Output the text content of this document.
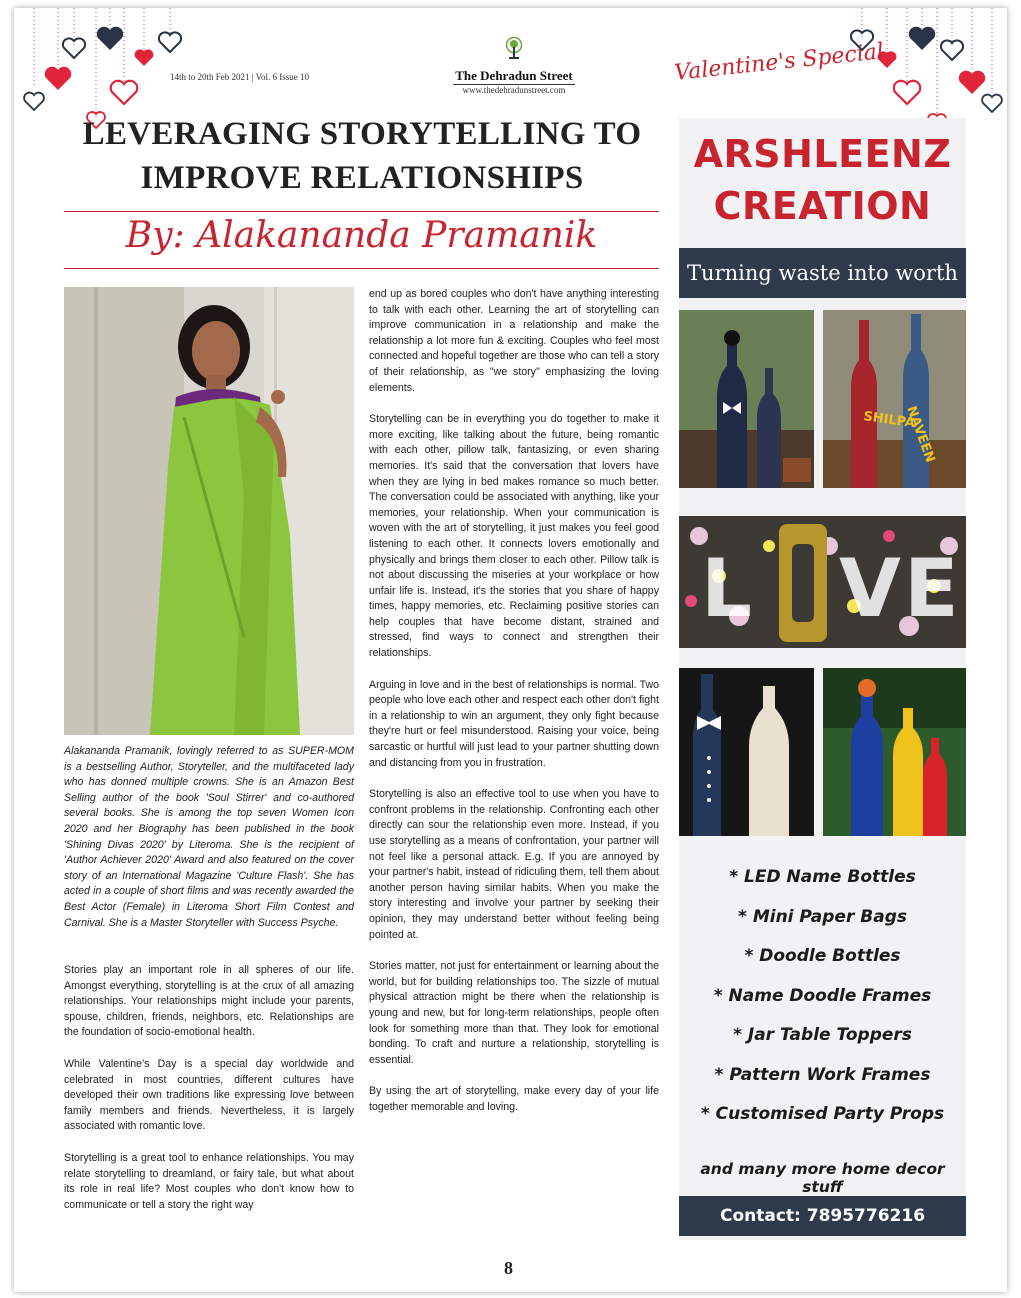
14th to 20th Feb 2021 | Vol. 6 Issue 10	The Dehradun Street
www.thedehradunstreet.com
Valentine's Special
LEVERAGING STORYTELLING TO
IMPROVE RELATIONSHIPS
By: Alakananda Pramanik
Alakananda Pramanik, lovingly referred to as SUPER-MOM is a bestselling Author, Storyteller, and the multifaceted lady who has donned multiple crowns. She is an Amazon Best Selling author of the book 'Soul Stirrer' and co-authored several books. She is among the top seven Women Icon 2020 and her Biography has been published in the book 'Shining Divas 2020' by Literoma. She is the recipient of 'Author Achiever 2020' Award and also featured on the cover story of an International Magazine 'Culture Flash'. She has acted in a couple of short films and was recently awarded the Best Actor (Female) in Literoma Short Film Contest and Carnival. She is a Master Storyteller with Success Psyche.

Stories play an important role in all spheres of our life. Amongst everything, storytelling is at the crux of all amazing relationships. Your relationships might include your parents, spouse, children, friends, neighbors, etc. Relationships are the foundation of socio-emotional health.

While Valentine's Day is a special day worldwide and celebrated in most countries, different cultures have developed their own traditions like expressing love between family members and friends. Nevertheless, it is largely associated with romantic love.

Storytelling is a great tool to enhance relationships. You may relate storytelling to dreamland, or fairy tale, but what about its role in real life? Most couples who don't know how to communicate or tell a story the right way

end up as bored couples who don't have anything interesting to talk with each other. Learning the art of storytelling can improve communication in a relationship and make the relationship a lot more fun & exciting. Couples who feel most connected and hopeful together are those who can tell a story of their relationship, as "we story" emphasizing the loving elements.

Storytelling can be in everything you do together to make it more exciting, like talking about the future, being romantic with each other, pillow talk, fantasizing, or even sharing memories. It's said that the conversation that lovers have when they are lying in bed makes romance so much better. The conversation could be associated with anything, like your memories, your relationship. When your communication is woven with the art of storytelling, it just makes you feel good listening to each other. It connects lovers emotionally and physically and brings them closer to each other. Pillow talk is not about discussing the miseries at your workplace or how unfair life is. Instead, it's the stories that you share of happy times, happy memories, etc. Reclaiming positive stories can help couples that have become distant, strained and stressed, find ways to connect and strengthen their relationships.

Arguing in love and in the best of relationships is normal. Two people who love each other and respect each other don't fight in a relationship to win an argument, they only fight because they're hurt or feel misunderstood. Raising your voice, being sarcastic or hurtful will just lead to your partner shutting down and distancing from you in frustration.

Storytelling is also an effective tool to use when you have to confront problems in the relationship. Confronting each other directly can sour the relationship even more. Instead, if you use storytelling as a means of confrontation, your partner will not feel like a personal attack. E.g. If you are annoyed by your partner's habit, instead of ridiculing them, tell them about another person having similar habits. When you make the story interesting and involve your partner by seeking their opinion, they may understand better without feeling being pointed at.

Stories matter, not just for entertainment or learning about the world, but for building relationships too. The sizzle of mutual physical attraction might be there when the relationship is young and new, but for long-term relationships, people often look for something more than that. They look for emotional bonding. To craft and nurture a relationship, storytelling is essential.

By using the art of storytelling, make every day of your life together memorable and loving.

ARSHLEENZ
CREATION
Turning waste into worth
SHILPA
NAVEEN
L V E
* LED Name Bottles
* Mini Paper Bags
* Doodle Bottles
* Name Doodle Frames
* Jar Table Toppers
* Pattern Work Frames
* Customised Party Props
and many more home decor stuff
Contact: 7895776216
8
